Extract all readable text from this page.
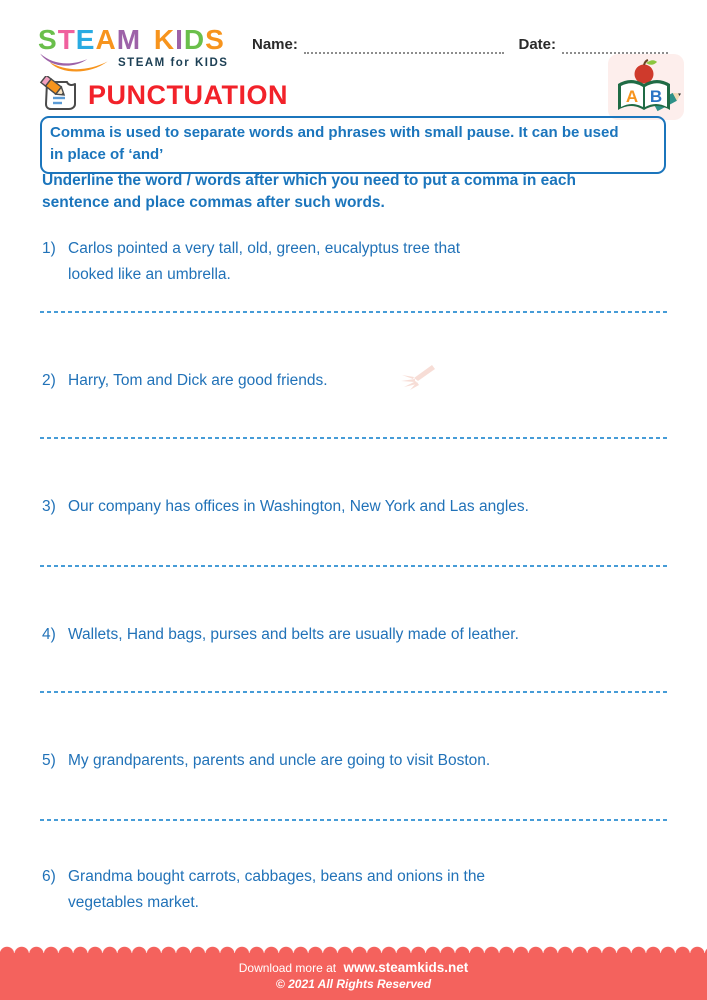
STEAM KIDS
STEAM for KIDS
Name:	Date:
PUNCTUATION	A B
Comma is used to separate words and phrases with small pause. It can be used
in place of ‘and’
Underline the word / words after which you need to put a comma in each
sentence and place commas after such words.
1) Carlos pointed a very tall, old, green, eucalyptus tree that
looked like an umbrella.
2) Harry, Tom and Dick are good friends.
3) Our company has offices in Washington, New York and Las angles.
4) Wallets, Hand bags, purses and belts are usually made of leather.
5) My grandparents, parents and uncle are going to visit Boston.
6) Grandma bought carrots, cabbages, beans and onions in the
vegetables market.
Download more at www.steamkids.net
© 2021 All Rights Reserved
